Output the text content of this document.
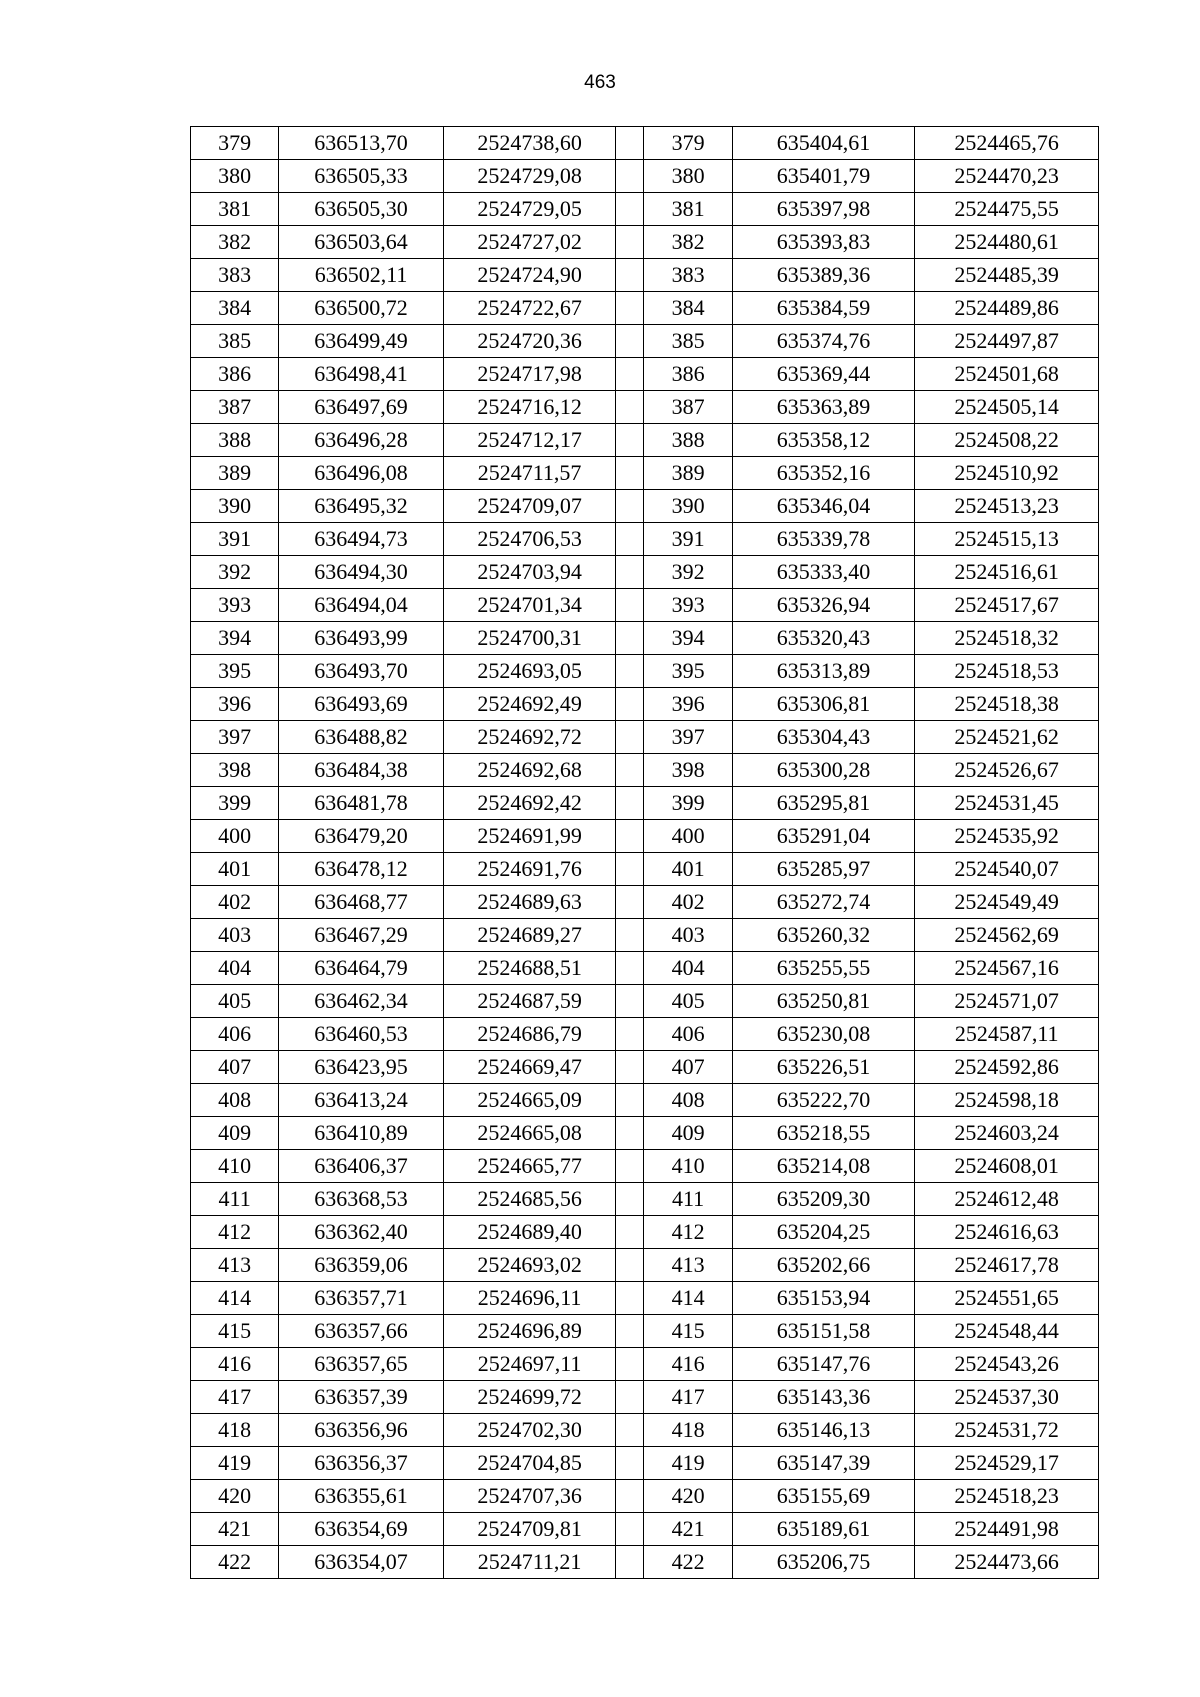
463
379	636513,70	2524738,60		379	635404,61	2524465,76
380	636505,33	2524729,08		380	635401,79	2524470,23
381	636505,30	2524729,05		381	635397,98	2524475,55
382	636503,64	2524727,02		382	635393,83	2524480,61
383	636502,11	2524724,90		383	635389,36	2524485,39
384	636500,72	2524722,67		384	635384,59	2524489,86
385	636499,49	2524720,36		385	635374,76	2524497,87
386	636498,41	2524717,98		386	635369,44	2524501,68
387	636497,69	2524716,12		387	635363,89	2524505,14
388	636496,28	2524712,17		388	635358,12	2524508,22
389	636496,08	2524711,57		389	635352,16	2524510,92
390	636495,32	2524709,07		390	635346,04	2524513,23
391	636494,73	2524706,53		391	635339,78	2524515,13
392	636494,30	2524703,94		392	635333,40	2524516,61
393	636494,04	2524701,34		393	635326,94	2524517,67
394	636493,99	2524700,31		394	635320,43	2524518,32
395	636493,70	2524693,05		395	635313,89	2524518,53
396	636493,69	2524692,49		396	635306,81	2524518,38
397	636488,82	2524692,72		397	635304,43	2524521,62
398	636484,38	2524692,68		398	635300,28	2524526,67
399	636481,78	2524692,42		399	635295,81	2524531,45
400	636479,20	2524691,99		400	635291,04	2524535,92
401	636478,12	2524691,76		401	635285,97	2524540,07
402	636468,77	2524689,63		402	635272,74	2524549,49
403	636467,29	2524689,27		403	635260,32	2524562,69
404	636464,79	2524688,51		404	635255,55	2524567,16
405	636462,34	2524687,59		405	635250,81	2524571,07
406	636460,53	2524686,79		406	635230,08	2524587,11
407	636423,95	2524669,47		407	635226,51	2524592,86
408	636413,24	2524665,09		408	635222,70	2524598,18
409	636410,89	2524665,08		409	635218,55	2524603,24
410	636406,37	2524665,77		410	635214,08	2524608,01
411	636368,53	2524685,56		411	635209,30	2524612,48
412	636362,40	2524689,40		412	635204,25	2524616,63
413	636359,06	2524693,02		413	635202,66	2524617,78
414	636357,71	2524696,11		414	635153,94	2524551,65
415	636357,66	2524696,89		415	635151,58	2524548,44
416	636357,65	2524697,11		416	635147,76	2524543,26
417	636357,39	2524699,72		417	635143,36	2524537,30
418	636356,96	2524702,30		418	635146,13	2524531,72
419	636356,37	2524704,85		419	635147,39	2524529,17
420	636355,61	2524707,36		420	635155,69	2524518,23
421	636354,69	2524709,81		421	635189,61	2524491,98
422	636354,07	2524711,21		422	635206,75	2524473,66
